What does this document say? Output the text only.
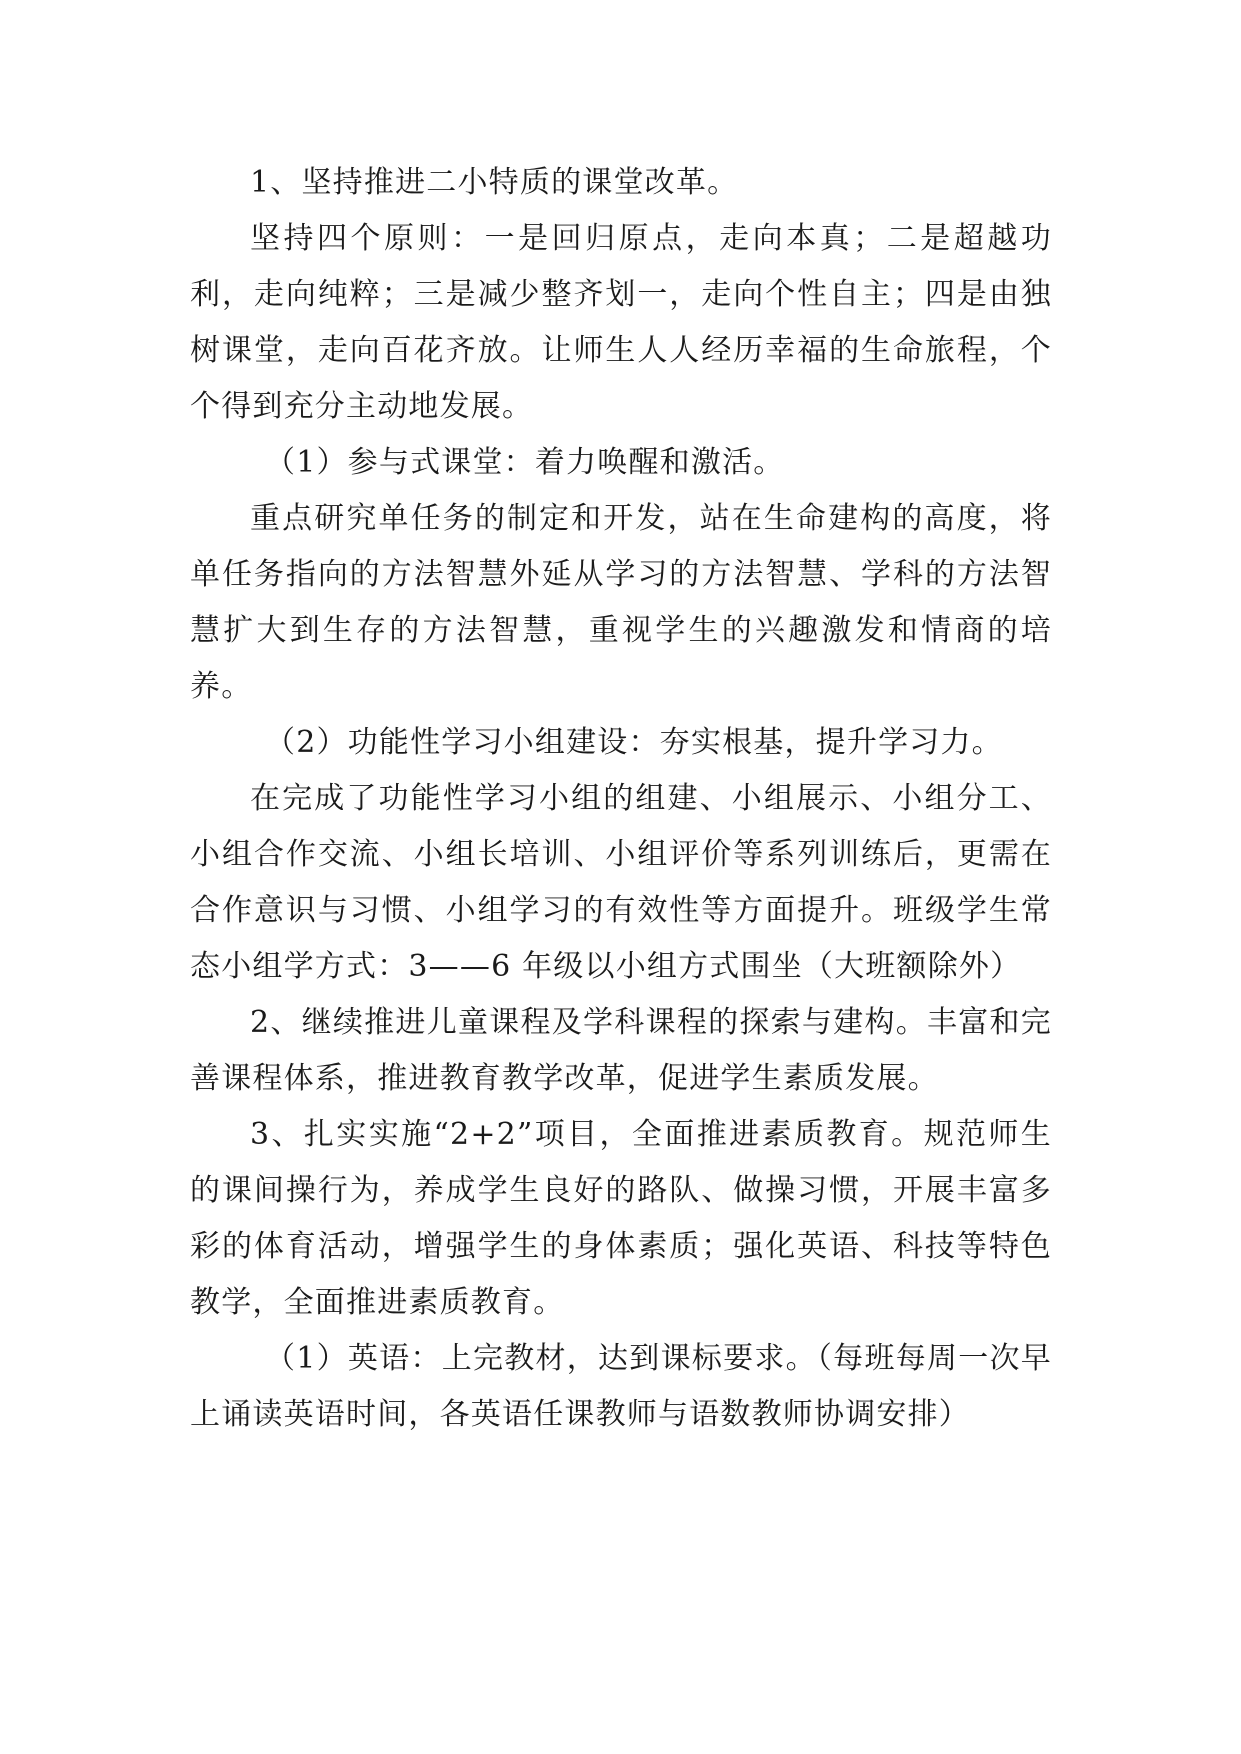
1、坚持推进二小特质的课堂改革。

坚持四个原则：一是回归原点，走向本真；二是超越功利，走向纯粹；三是减少整齐划一，走向个性自主；四是由独树课堂，走向百花齐放。让师生人人经历幸福的生命旅程，个个得到充分主动地发展。

（1）参与式课堂：着力唤醒和激活。

重点研究单任务的制定和开发，站在生命建构的高度，将单任务指向的方法智慧外延从学习的方法智慧、学科的方法智慧扩大到生存的方法智慧，重视学生的兴趣激发和情商的培养。

（2）功能性学习小组建设：夯实根基，提升学习力。

在完成了功能性学习小组的组建、小组展示、小组分工、小组合作交流、小组长培训、小组评价等系列训练后，更需在合作意识与习惯、小组学习的有效性等方面提升。班级学生常态小组学方式：3——6 年级以小组方式围坐（大班额除外）

2、继续推进儿童课程及学科课程的探索与建构。丰富和完善课程体系，推进教育教学改革，促进学生素质发展。

3、扎实实施“2+2”项目，全面推进素质教育。规范师生的课间操行为，养成学生良好的路队、做操习惯，开展丰富多彩的体育活动，增强学生的身体素质；强化英语、科技等特色教学，全面推进素质教育。

（1）英语：上完教材，达到课标要求。（每班每周一次早上诵读英语时间，各英语任课教师与语数教师协调安排）
